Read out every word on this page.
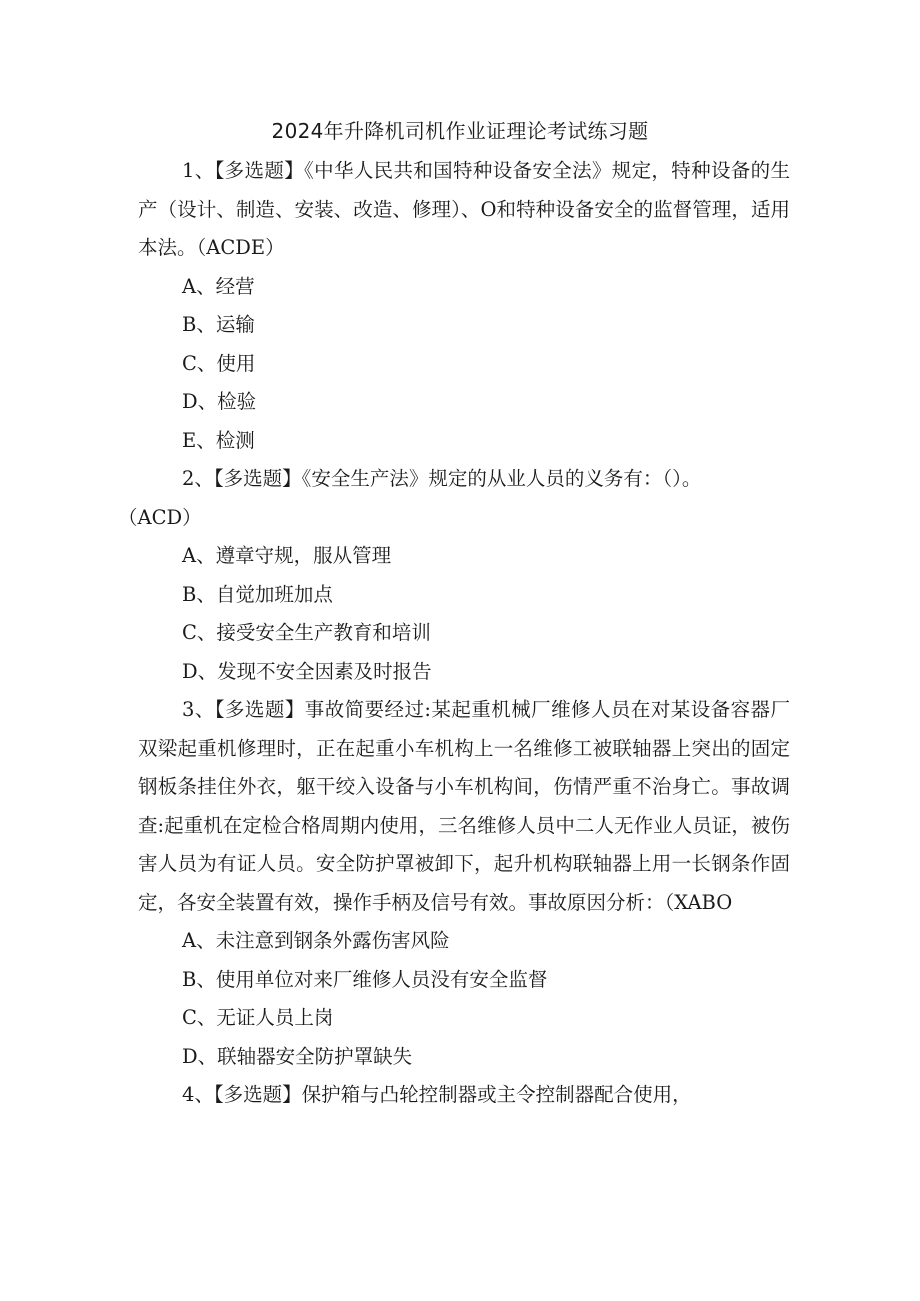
2024年升降机司机作业证理论考试练习题

1、【多选题】《中华人民共和国特种设备安全法》规定，特种设备的生产（设计、制造、安装、改造、修理）、O和特种设备安全的监督管理，适用本法。（ACDE）

A、经营

B、运输

C、使用

D、检验

E、检测

2、【多选题】《安全生产法》规定的从业人员的义务有：（）。

（ACD）

A、遵章守规，服从管理

B、自觉加班加点

C、接受安全生产教育和培训

D、发现不安全因素及时报告

3、【多选题】事故简要经过:某起重机械厂维修人员在对某设备容器厂双梁起重机修理时，正在起重小车机构上一名维修工被联轴器上突出的固定钢板条挂住外衣，躯干绞入设备与小车机构间，伤情严重不治身亡。事故调查:起重机在定检合格周期内使用，三名维修人员中二人无作业人员证，被伤害人员为有证人员。安全防护罩被卸下，起升机构联轴器上用一长钢条作固定，各安全装置有效，操作手柄及信号有效。事故原因分析：（XABO

A、未注意到钢条外露伤害风险

B、使用单位对来厂维修人员没有安全监督

C、无证人员上岗

D、联轴器安全防护罩缺失

4、【多选题】保护箱与凸轮控制器或主令控制器配合使用，
